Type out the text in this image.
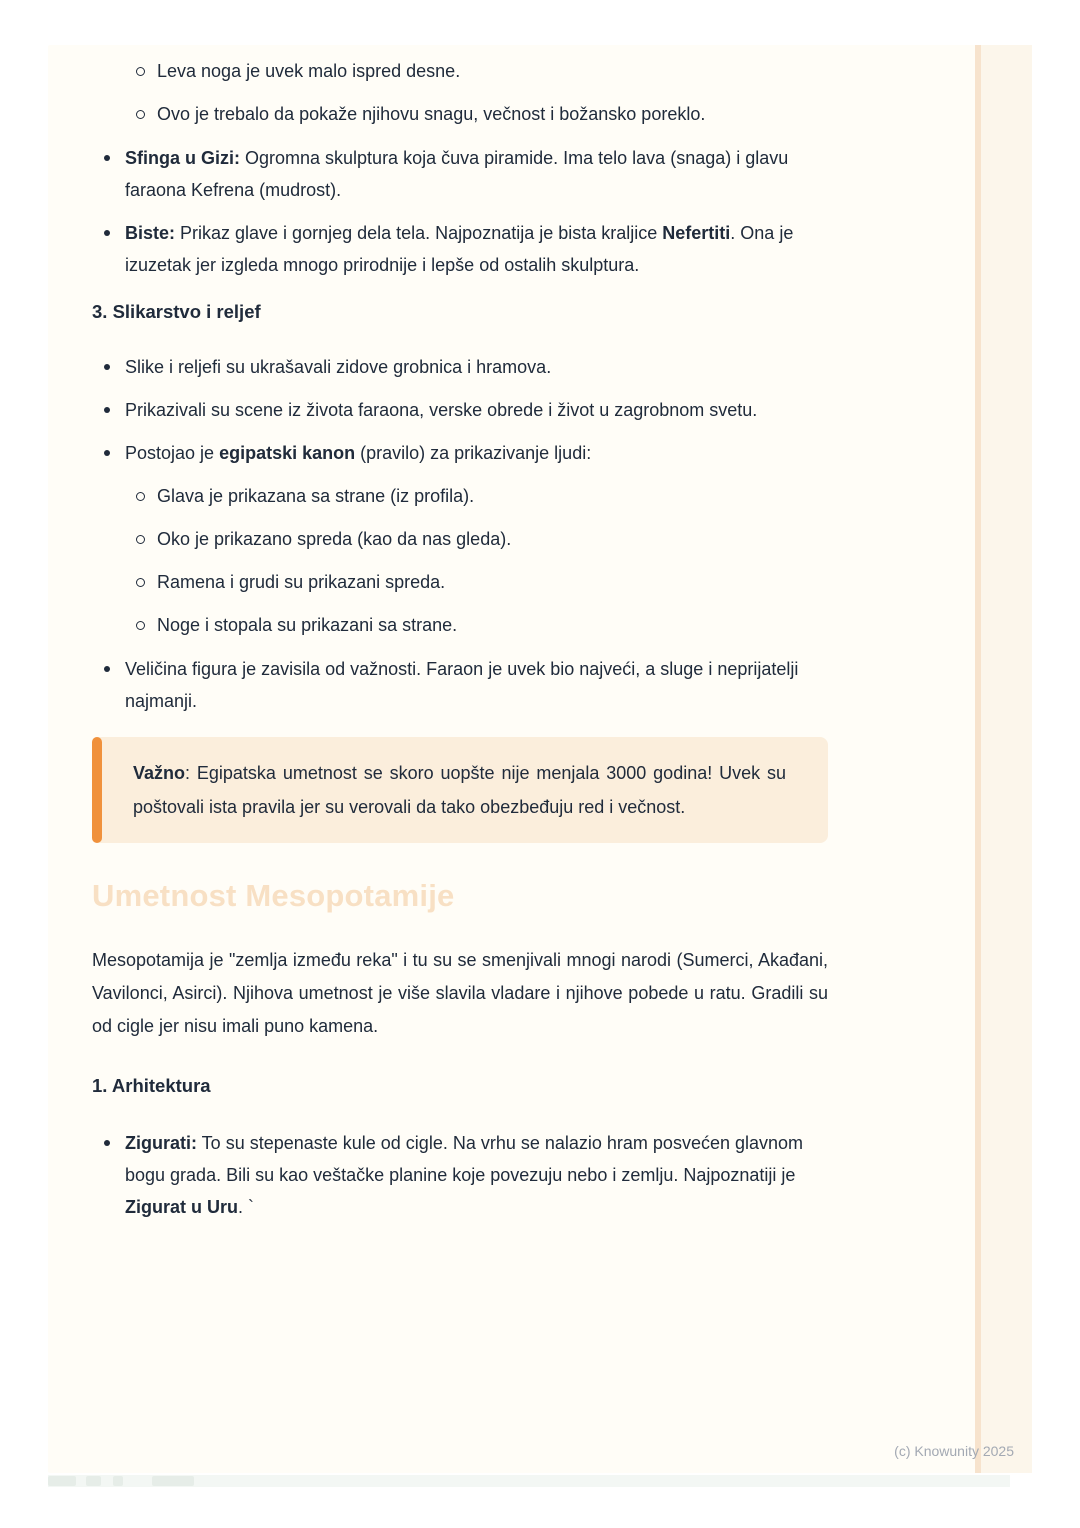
Leva noga je uvek malo ispred desne.
Ovo je trebalo da pokaže njihovu snagu, večnost i božansko poreklo.
Sfinga u Gizi: Ogromna skulptura koja čuva piramide. Ima telo lava (snaga) i glavu faraona Kefrena (mudrost).
Biste: Prikaz glave i gornjeg dela tela. Najpoznatija je bista kraljice Nefertiti. Ona je izuzetak jer izgleda mnogo prirodnije i lepše od ostalih skulptura.
3. Slikarstvo i reljef
Slike i reljefi su ukrašavali zidove grobnica i hramova.
Prikazivali su scene iz života faraona, verske obrede i život u zagrobnom svetu.
Postojao je egipatski kanon (pravilo) za prikazivanje ljudi:
Glava je prikazana sa strane (iz profila).
Oko je prikazano spreda (kao da nas gleda).
Ramena i grudi su prikazani spreda.
Noge i stopala su prikazani sa strane.
Veličina figura je zavisila od važnosti. Faraon je uvek bio najveći, a sluge i neprijatelji najmanji.
Važno: Egipatska umetnost se skoro uopšte nije menjala 3000 godina! Uvek su poštovali ista pravila jer su verovali da tako obezbeđuju red i večnost.
Umetnost Mesopotamije

Mesopotamija je "zemlja između reka" i tu su se smenjivali mnogi narodi (Sumerci, Akađani, Vavilonci, Asirci). Njihova umetnost je više slavila vladare i njihove pobede u ratu. Gradili su od cigle jer nisu imali puno kamena.

1. Arhitektura
Zigurati: To su stepenaste kule od cigle. Na vrhu se nalazio hram posvećen glavnom bogu grada. Bili su kao veštačke planine koje povezuju nebo i zemlju. Najpoznatiji je Zigurat u Uru. `
(c) Knowunity 2025
